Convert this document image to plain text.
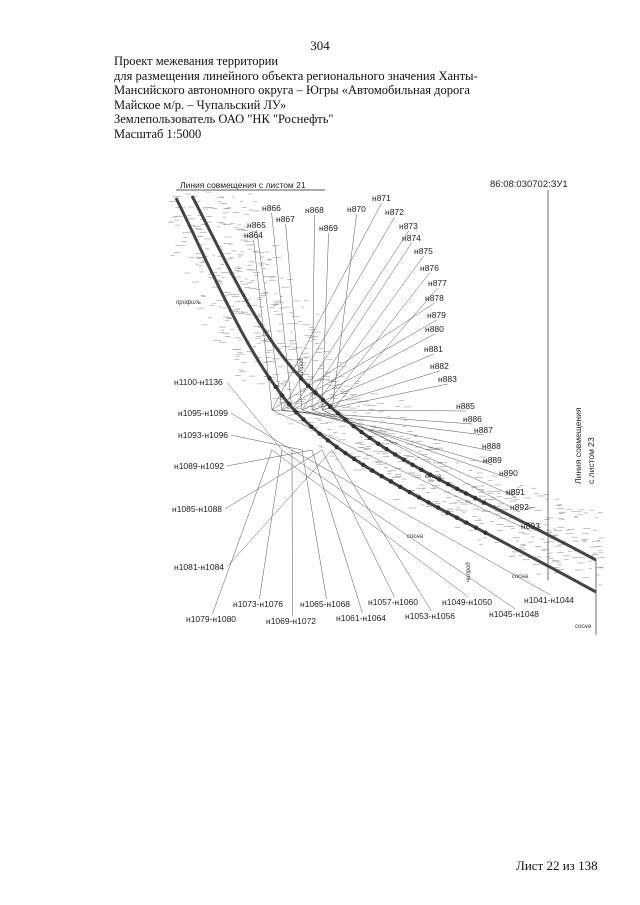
304
Проект межевания территории
для размещения линейного объекта регионального значения Ханты-
Мансийского автономного округа – Югры «Автомобильная дорога
Майское м/р. – Чупальский ЛУ»
Землепользователь ОАО "НК "Роснефть"
Масштаб 1:5000
Линия совмещения с листом 21	86:08:030702:ЗУ1
Линия совмещения с листом 23
профиль
сосна
сосна
сосна
сосна
чипрод
чипрод
н864
н865
н866
н867
н868
н869
н870
н871
н872
н873
н874
н875
н876
н877
н878
н879
н880
н881
н882
н883
н885
н886
н887
н888
н889
н890
н891
н892
н893
н1100-н1136
н1095-н1099
н1093-н1096
н1089-н1092
н1085-н1088
н1081-н1084
н1079-н1080
н1073-н1076
н1069-н1072
н1065-н1068
н1061-н1064
н1057-н1060
н1053-н1056
н1049-н1050
н1045-н1048
н1041-н1044
Лист 22 из 138
